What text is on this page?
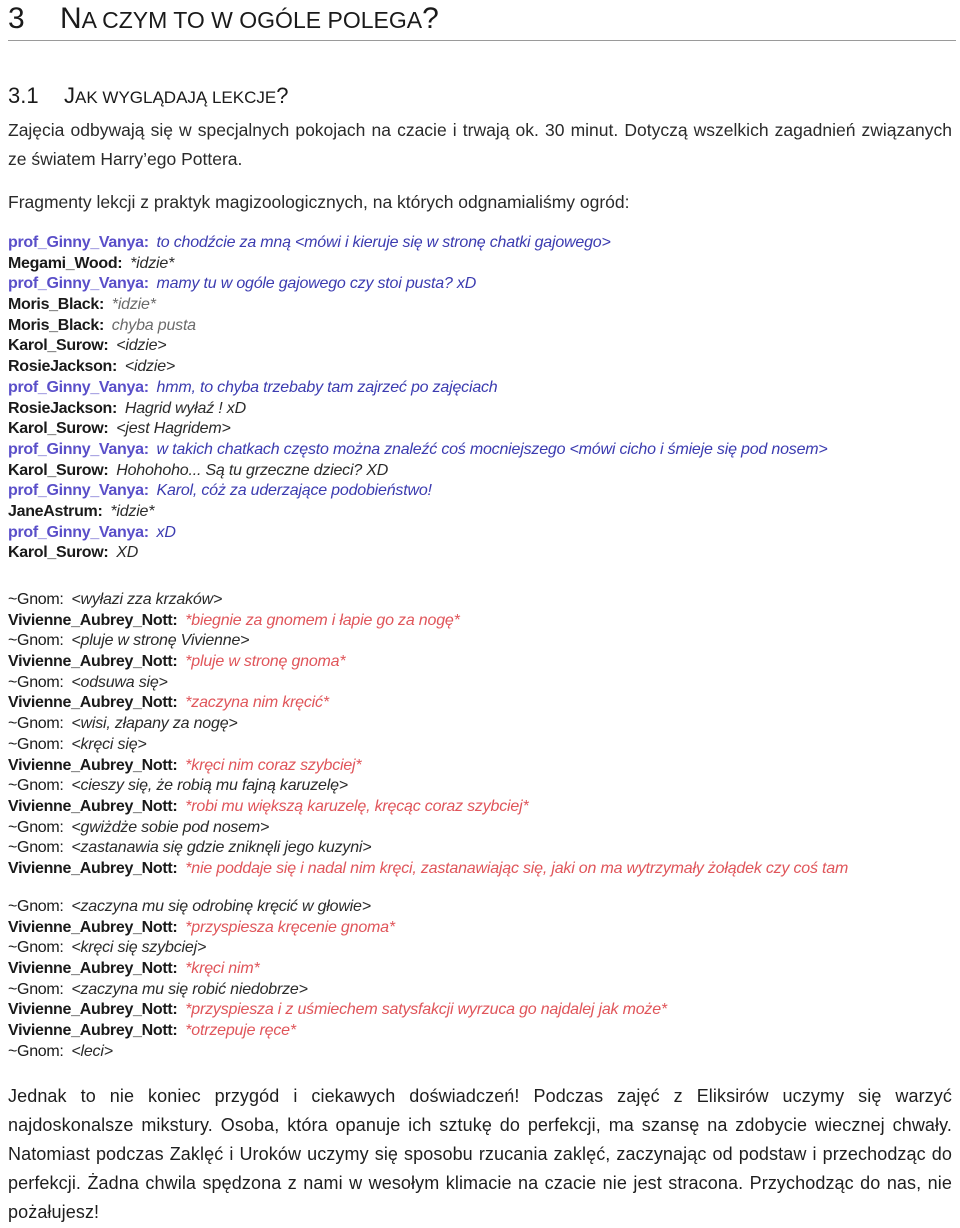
3 NA CZYM TO W OGÓLE POLEGA?
3.1 JAK WYGLĄDAJĄ LEKCJE?

Zajęcia odbywają się w specjalnych pokojach na czacie i trwają ok. 30 minut. Dotyczą wszelkich zagadnień związanych ze światem Harry’ego Pottera.

Fragmenty lekcji z praktyk magizoologicznych, na których odgnamialiśmy ogród:

prof_Ginny_Vanya: to chodźcie za mną <mówi i kieruje się w stronę chatki gajowego>
Megami_Wood: *idzie*
prof_Ginny_Vanya: mamy tu w ogóle gajowego czy stoi pusta? xD
Moris_Black: *idzie*
Moris_Black: chyba pusta
Karol_Surow: <idzie>
RosieJackson: <idzie>
prof_Ginny_Vanya: hmm, to chyba trzebaby tam zajrzeć po zajęciach
RosieJackson: Hagrid wyłaź ! xD
Karol_Surow: <jest Hagridem>
prof_Ginny_Vanya: w takich chatkach często można znaleźć coś mocniejszego <mówi cicho i śmieje się pod nosem>
Karol_Surow: Hohohoho... Są tu grzeczne dzieci? XD
prof_Ginny_Vanya: Karol, cóż za uderzające podobieństwo!
JaneAstrum: *idzie*
prof_Ginny_Vanya: xD
Karol_Surow: XD
~Gnom: <wyłazi zza krzaków>
Vivienne_Aubrey_Nott: *biegnie za gnomem i łapie go za nogę*
~Gnom: <pluje w stronę Vivienne>
Vivienne_Aubrey_Nott: *pluje w stronę gnoma*
~Gnom: <odsuwa się>
Vivienne_Aubrey_Nott: *zaczyna nim kręcić*
~Gnom: <wisi, złapany za nogę>
~Gnom: <kręci się>
Vivienne_Aubrey_Nott: *kręci nim coraz szybciej*
~Gnom: <cieszy się, że robią mu fajną karuzelę>
Vivienne_Aubrey_Nott: *robi mu większą karuzelę, kręcąc coraz szybciej*
~Gnom: <gwiżdże sobie pod nosem>
~Gnom: <zastanawia się gdzie zniknęli jego kuzyni>
Vivienne_Aubrey_Nott: *nie poddaje się i nadal nim kręci, zastanawiając się, jaki on ma wytrzymały żołądek czy coś tam
~Gnom: <zaczyna mu się odrobinę kręcić w głowie>
Vivienne_Aubrey_Nott: *przyspiesza kręcenie gnoma*
~Gnom: <kręci się szybciej>
Vivienne_Aubrey_Nott: *kręci nim*
~Gnom: <zaczyna mu się robić niedobrze>
Vivienne_Aubrey_Nott: *przyspiesza i z uśmiechem satysfakcji wyrzuca go najdalej jak może*
Vivienne_Aubrey_Nott: *otrzepuje ręce*
~Gnom: <leci>

Jednak to nie koniec przygód i ciekawych doświadczeń! Podczas zajęć z Eliksirów uczymy się warzyć najdoskonalsze mikstury. Osoba, która opanuje ich sztukę do perfekcji, ma szansę na zdobycie wiecznej chwały. Natomiast podczas Zaklęć i Uroków uczymy się sposobu rzucania zaklęć, zaczynając od podstaw i przechodząc do perfekcji. Żadna chwila spędzona z nami w wesołym klimacie na czacie nie jest stracona. Przychodząc do nas, nie pożałujesz!
